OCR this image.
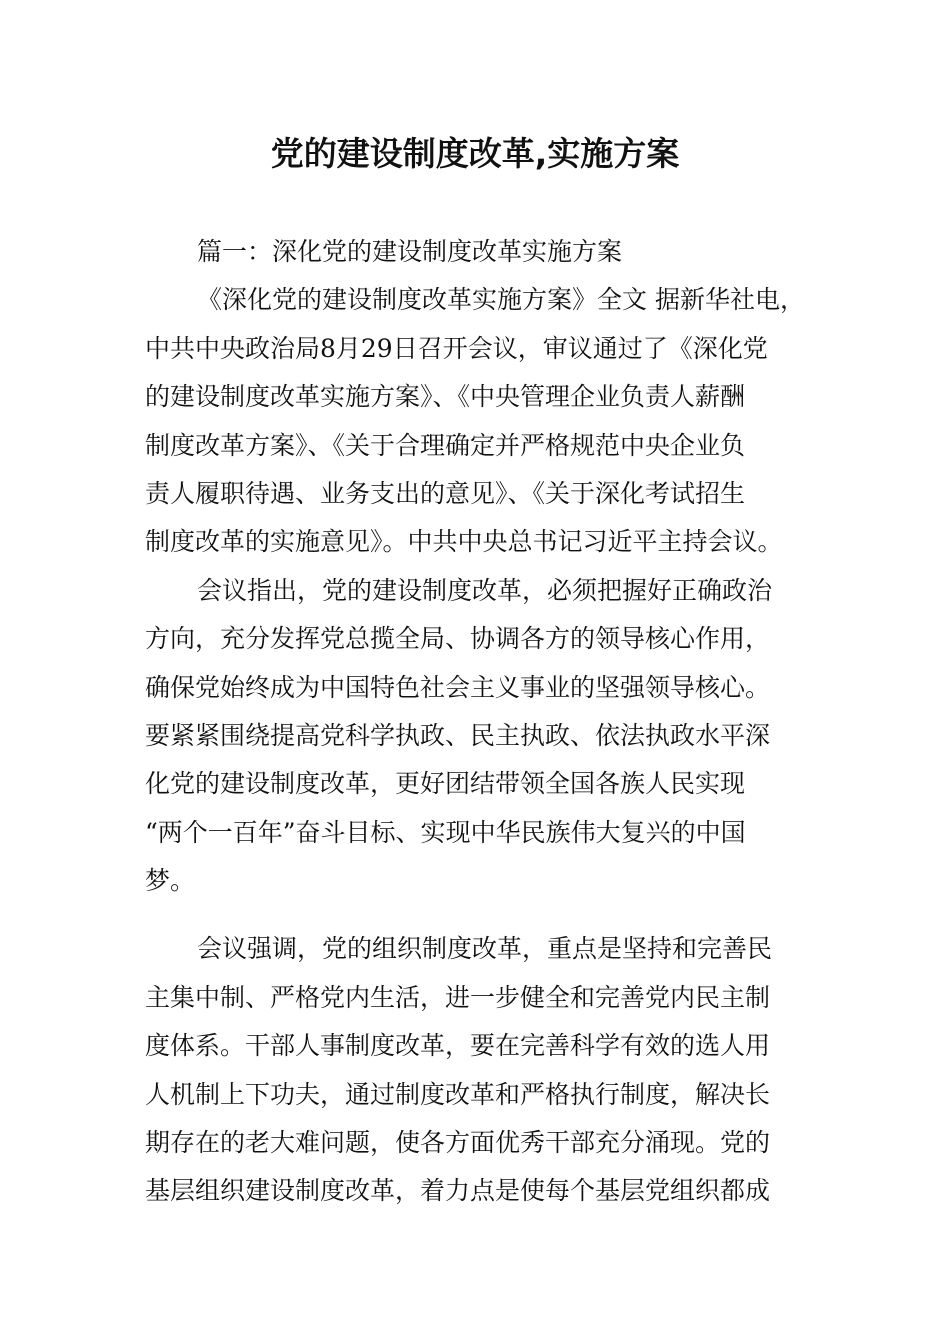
党的建设制度改革,实施方案
篇一：深化党的建设制度改革实施方案
《深化党的建设制度改革实施方案》全文 据新华社电，
中共中央政治局8月29日召开会议，审议通过了《深化党
的建设制度改革实施方案》、《中央管理企业负责人薪酬
制度改革方案》、《关于合理确定并严格规范中央企业负
责人履职待遇、业务支出的意见》、《关于深化考试招生
制度改革的实施意见》。中共中央总书记习近平主持会议。
会议指出，党的建设制度改革，必须把握好正确政治
方向，充分发挥党总揽全局、协调各方的领导核心作用，
确保党始终成为中国特色社会主义事业的坚强领导核心。
要紧紧围绕提高党科学执政、民主执政、依法执政水平深
化党的建设制度改革，更好团结带领全国各族人民实现
“两个一百年”奋斗目标、实现中华民族伟大复兴的中国
梦。
会议强调，党的组织制度改革，重点是坚持和完善民
主集中制、严格党内生活，进一步健全和完善党内民主制
度体系。干部人事制度改革，要在完善科学有效的选人用
人机制上下功夫，通过制度改革和严格执行制度，解决长
期存在的老大难问题，使各方面优秀干部充分涌现。党的
基层组织建设制度改革，着力点是使每个基层党组织都成
